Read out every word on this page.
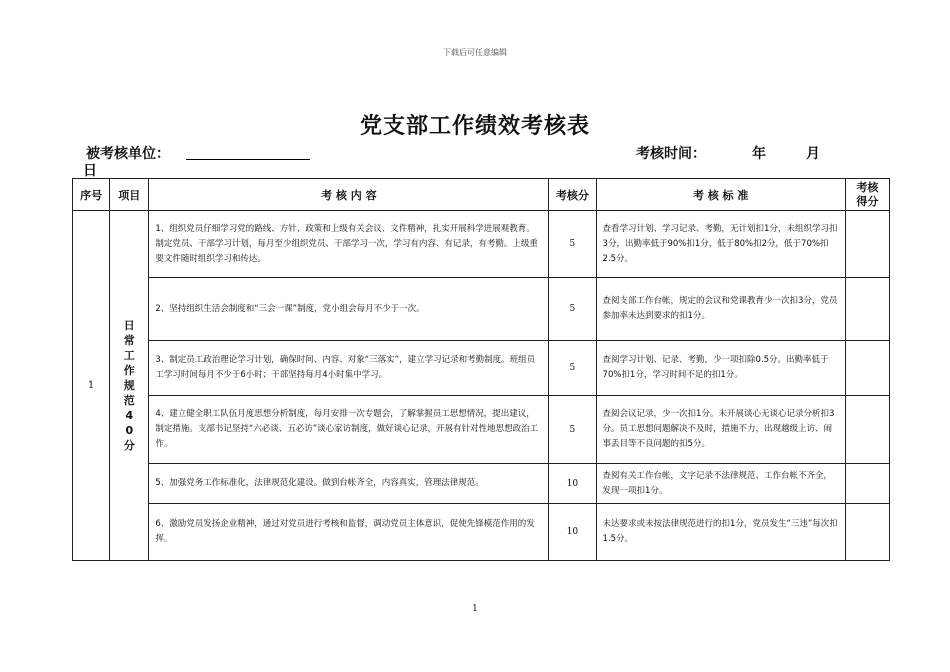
下载后可任意编辑
党支部工作绩效考核表
被考核单位：	考核时间：	年	月
日
序号	项目	考 核 内 容	考核分	考 核 标 准	考核得分
1	日常工作规范40分	1、组织党员仔细学习党的路线、方针、政策和上级有关会议、文件精神，扎实开展科学进展观教育。制定党员、干部学习计划，每月至少组织党员、干部学习一次，学习有内容、有记录，有考勤。上级重要文件随时组织学习和传达。	5	查看学习计划、学习记录、考勤，无计划扣1分，未组织学习扣3分，出勤率低于90%扣1分，低于80%扣2分，低于70%扣2.5分。	
		2、坚持组织生活会制度和“三会一课”制度，党小组会每月不少于一次。	5	查阅支部工作台帐，规定的会议和党课教育少一次扣3分，党员参加率未达到要求的扣1分。	
		3、制定员工政治理论学习计划，确保时间、内容、对象“三落实”，建立学习记录和考勤制度。班组员工学习时间每月不少于6小时；干部坚持每月4小时集中学习。	5	查阅学习计划、记录、考勤，少一项扣除0.5分。出勤率低于70%扣1分，学习时间不足的扣1分。	
		4、建立健全职工队伍月度思想分析制度，每月安排一次专题会，了解掌握员工思想情况，提出建议，制定措施。支部书记坚持“六必谈、五必访”谈心家访制度，做好谈心记录，开展有针对性地思想政治工作。	5	查阅会议记录，少一次扣1分。未开展谈心无谈心记录分析扣3分。员工思想问题解决不及时，措施不力，出现越级上访、闹事丢目等不良问题的扣5分。	
		5、加强党务工作标准化，法律规范化建设。做到台帐齐全，内容真实，管理法律规范。	10	查阅有关工作台帐，文字记录不法律规范、工作台帐不齐全，发现一项扣1分。	
		6、激励党员发扬企业精神，通过对党员进行考核和监督，调动党员主体意识，促使先锋模范作用的发挥。	10	未达要求或未按法律规范进行的扣1分，党员发生“三违”每次扣1.5分。	
1
